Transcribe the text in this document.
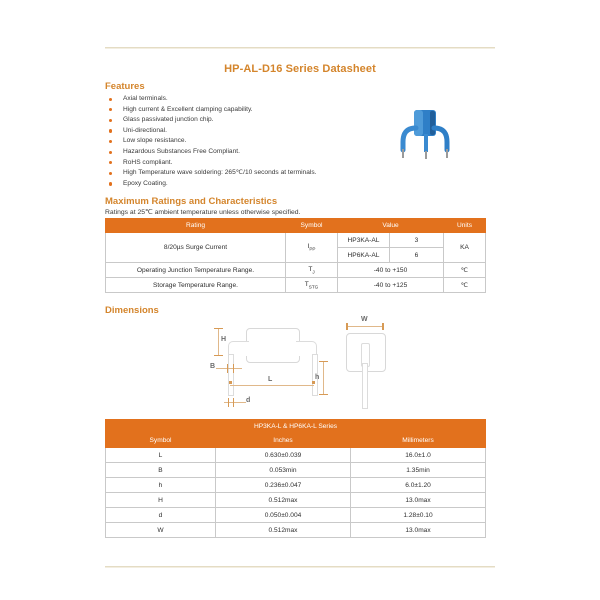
HP-AL-D16 Series Datasheet
Features
Axial terminals.
High current & Excellent clamping capability.
Glass passivated junction chip.
Uni-directional.
Low slope resistance.
Hazardous Substances Free Compliant.
RoHS compliant.
High Temperature wave soldering: 265℃/10 seconds at terminals.
Epoxy Coating.
Maximum Ratings and Characteristics
Ratings at 25℃ ambient temperature unless otherwise specified.
Rating	Symbol	Value		Units
8/20µs Surge Current	$I_{PP}$	HP3KA-AL	3	KA
		HP6KA-AL	6	
Operating Junction Temperature Range.	$T_J$	-40 to +150		℃
Storage Temperature Range.	$T_{STG}$	-40 to +125		℃
Dimensions
H
B
L	h
d
W
HP3KA-L & HP6KA-L Series		
Symbol	Inches	Millimeters
L	0.630±0.039	16.0±1.0
B	0.053min	1.35min
h	0.236±0.047	6.0±1.20
H	0.512max	13.0max
d	0.050±0.004	1.28±0.10
W	0.512max	13.0max
